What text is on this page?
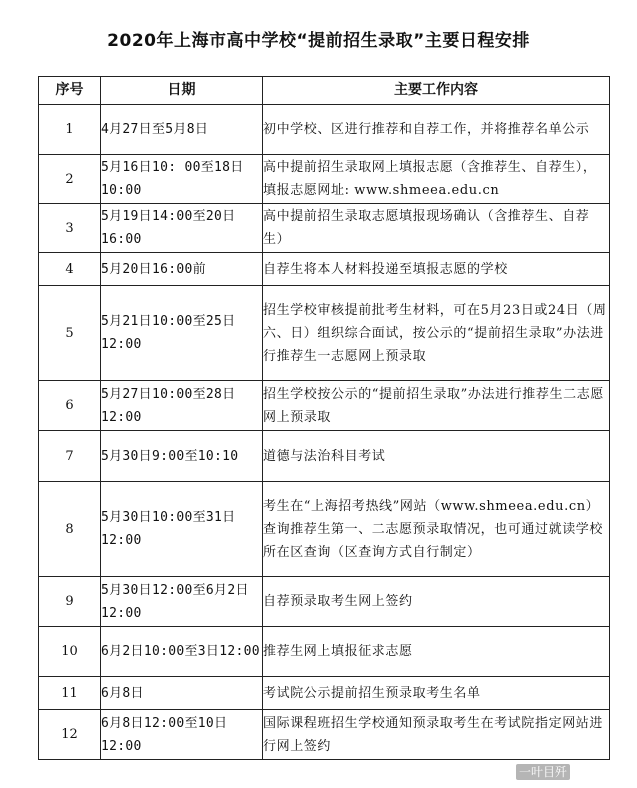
2020年上海市高中学校“提前招生录取”主要日程安排
序号	日期	主要工作内容
1	4月27日至5月8日	初中学校、区进行推荐和自荐工作，并将推荐名单公示
2	5月16日10: 00至18日10:00	高中提前招生录取网上填报志愿（含推荐生、自荐生），填报志愿网址: www.shmeea.edu.cn
3	5月19日14:00至20日16:00	高中提前招生录取志愿填报现场确认（含推荐生、自荐生）
4	5月20日16:00前	自荐生将本人材料投递至填报志愿的学校
5	5月21日10:00至25日12:00	招生学校审核提前批考生材料，可在5月23日或24日（周六、日）组织综合面试，按公示的“提前招生录取”办法进行推荐生一志愿网上预录取
6	5月27日10:00至28日12:00	招生学校按公示的“提前招生录取”办法进行推荐生二志愿网上预录取
7	5月30日9:00至10:10	道德与法治科目考试
8	5月30日10:00至31日12:00	考生在“上海招考热线”网站（www.shmeea.edu.cn）查询推荐生第一、二志愿预录取情况，也可通过就读学校所在区查询（区查询方式自行制定）
9	5月30日12:00至6月2日12:00	自荐预录取考生网上签约
10	6月2日10:00至3日12:00	推荐生网上填报征求志愿
11	6月8日	考试院公示提前招生预录取考生名单
12	6月8日12:00至10日12:00	国际课程班招生学校通知预录取考生在考试院指定网站进行网上签约
一叶目歼
